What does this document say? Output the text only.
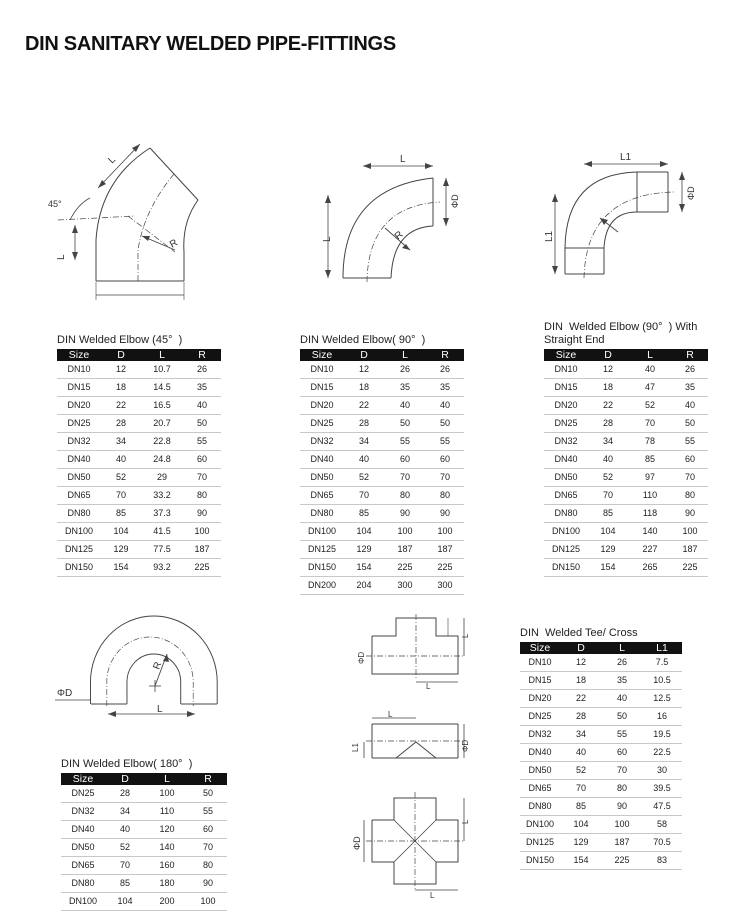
DIN SANITARY WELDED PIPE-FITTINGS
45°
L
L
R
L
L
ΦD
R
L1
L1
ΦD
DIN Welded Elbow (45°  )
Size	D	L	R
DN10	12	10.7	26
DN15	18	14.5	35
DN20	22	16.5	40
DN25	28	20.7	50
DN32	34	22.8	55
DN40	40	24.8	60
DN50	52	29	70
DN65	70	33.2	80
DN80	85	37.3	90
DN100	104	41.5	100
DN125	129	77.5	187
DN150	154	93.2	225
DIN Welded Elbow( 90°  )
Size	D	L	R
DN10	12	26	26
DN15	18	35	35
DN20	22	40	40
DN25	28	50	50
DN32	34	55	55
DN40	40	60	60
DN50	52	70	70
DN65	70	80	80
DN80	85	90	90
DN100	104	100	100
DN125	129	187	187
DN150	154	225	225
DN200	204	300	300
DIN  Welded Elbow (90°  ) With
Straight End
Size	D	L	R
DN10	12	40	26
DN15	18	47	35
DN20	22	52	40
DN25	28	70	50
DN32	34	78	55
DN40	40	85	60
DN50	52	97	70
DN65	70	110	80
DN80	85	118	90
DN100	104	140	100
DN125	129	227	187
DN150	154	265	225
ΦD
L
R
ΦD
L
L
L
L1	ΦD
ΦD
L
L
DIN Welded Elbow( 180°  )
Size	D	L	R
DN25	28	100	50
DN32	34	110	55
DN40	40	120	60
DN50	52	140	70
DN65	70	160	80
DN80	85	180	90
DN100	104	200	100
DIN  Welded Tee/ Cross
Size	D	L	L1
DN10	12	26	7.5
DN15	18	35	10.5
DN20	22	40	12.5
DN25	28	50	16
DN32	34	55	19.5
DN40	40	60	22.5
DN50	52	70	30
DN65	70	80	39.5
DN80	85	90	47.5
DN100	104	100	58
DN125	129	187	70.5
DN150	154	225	83
